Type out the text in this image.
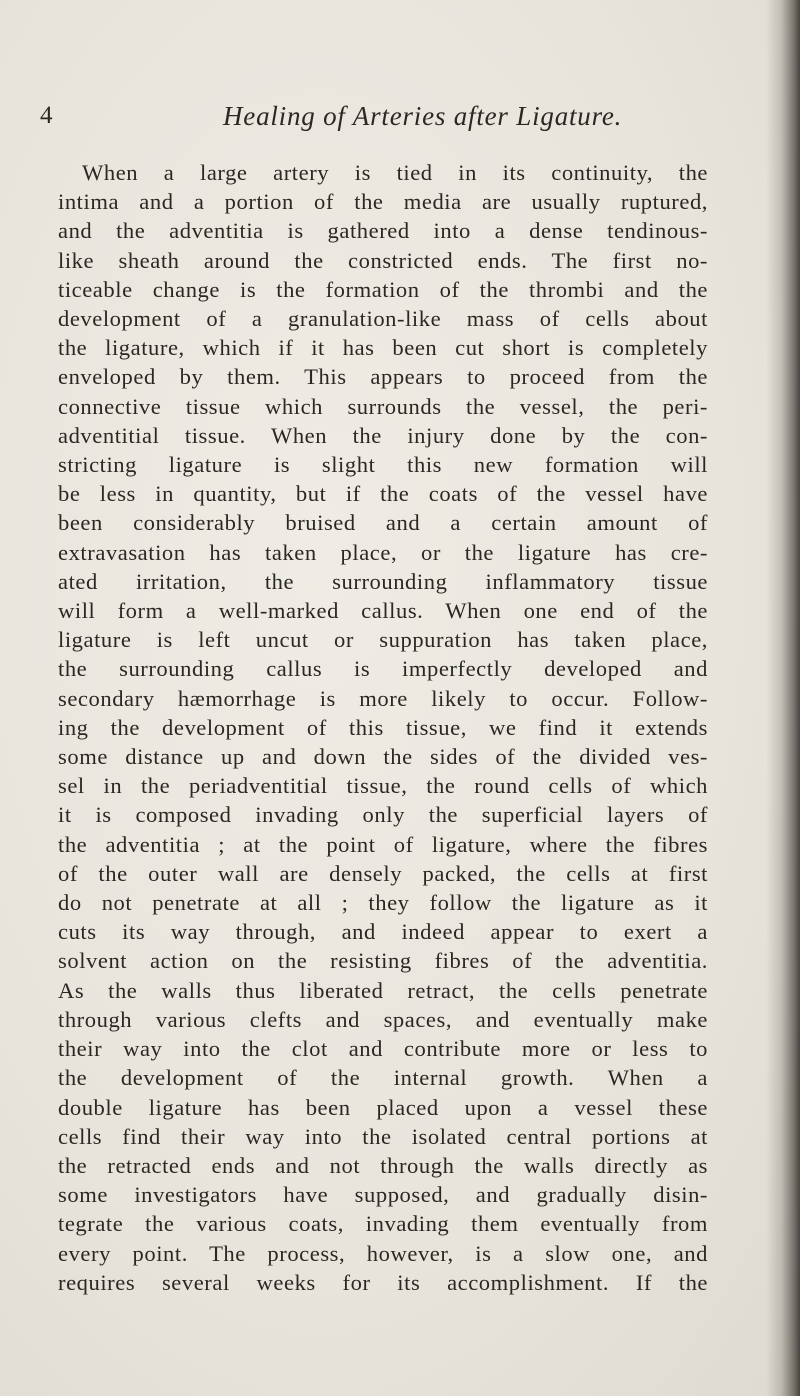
4	Healing of Arteries after Ligature.
When a large artery is tied in its continuity, the
intima and a portion of the media are usually ruptured,
and the adventitia is gathered into a dense tendinous-
like sheath around the constricted ends. The first no-
ticeable change is the formation of the thrombi and the
development of a granulation-like mass of cells about
the ligature, which if it has been cut short is completely
enveloped by them. This appears to proceed from the
connective tissue which surrounds the vessel, the peri-
adventitial tissue. When the injury done by the con-
stricting ligature is slight this new formation will
be less in quantity, but if the coats of the vessel have
been considerably bruised and a certain amount of
extravasation has taken place, or the ligature has cre-
ated irritation, the surrounding inflammatory tissue
will form a well-marked callus. When one end of the
ligature is left uncut or suppuration has taken place,
the surrounding callus is imperfectly developed and
secondary hæmorrhage is more likely to occur. Follow-
ing the development of this tissue, we find it extends
some distance up and down the sides of the divided ves-
sel in the periadventitial tissue, the round cells of which
it is composed invading only the superficial layers of
the adventitia ; at the point of ligature, where the fibres
of the outer wall are densely packed, the cells at first
do not penetrate at all ; they follow the ligature as it
cuts its way through, and indeed appear to exert a
solvent action on the resisting fibres of the adventitia.
As the walls thus liberated retract, the cells penetrate
through various clefts and spaces, and eventually make
their way into the clot and contribute more or less to
the development of the internal growth. When a
double ligature has been placed upon a vessel these
cells find their way into the isolated central portions at
the retracted ends and not through the walls directly as
some investigators have supposed, and gradually disin-
tegrate the various coats, invading them eventually from
every point. The process, however, is a slow one, and
requires several weeks for its accomplishment. If the
